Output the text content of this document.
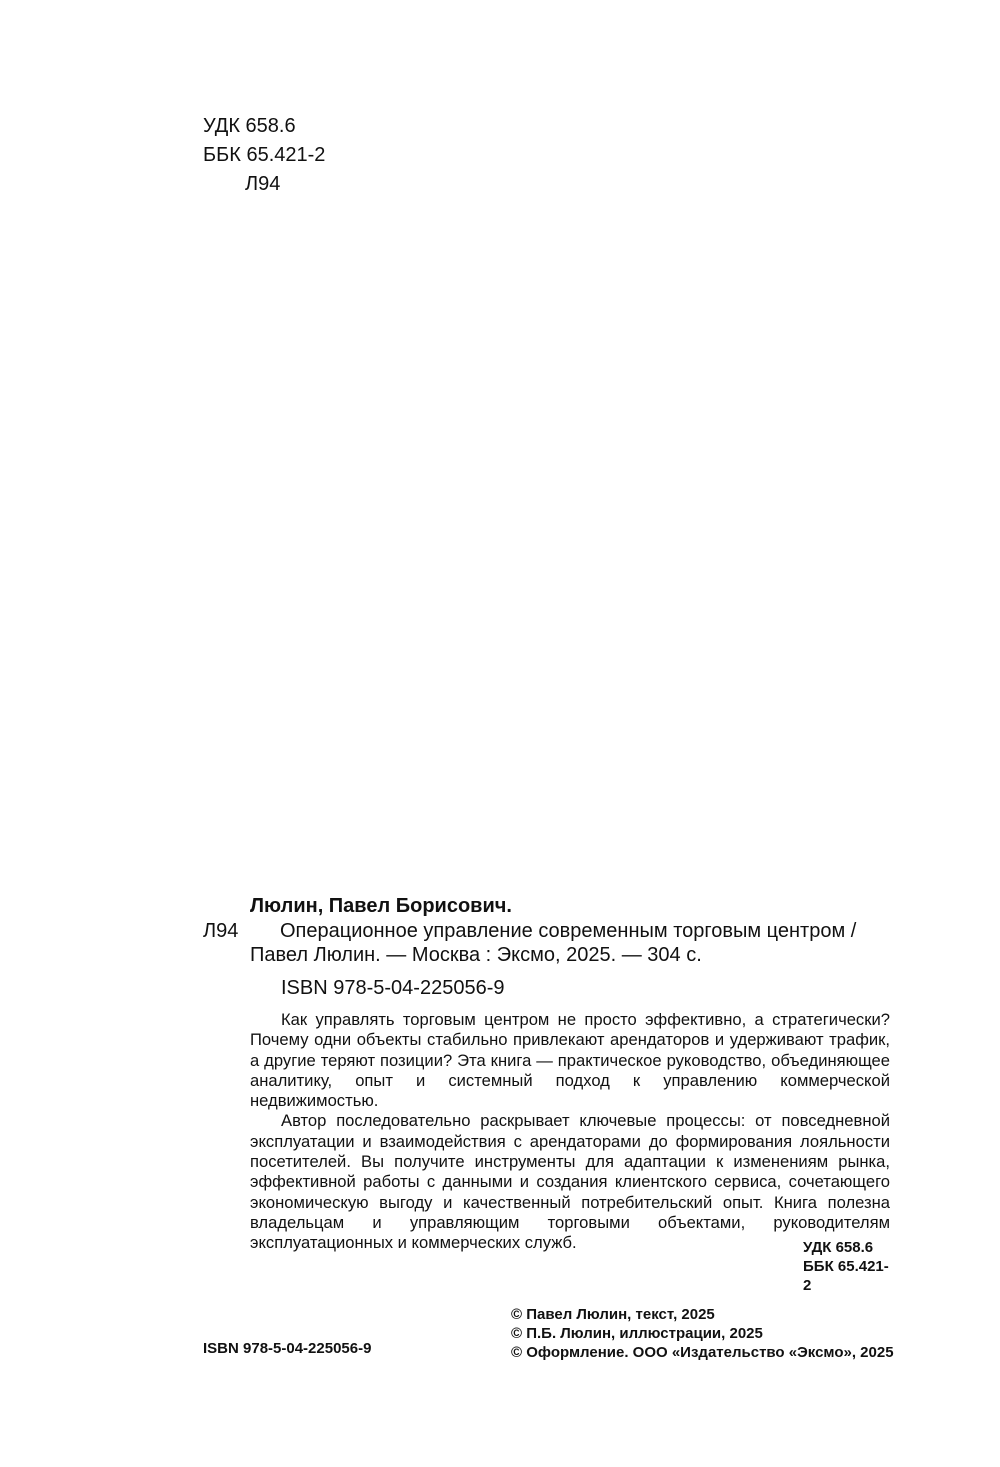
УДК 658.6
ББК 65.421-2
Л94
Люлин, Павел Борисович.
Л94 Операционное управление современным торговым центром /
Павел Люлин. — Москва : Эксмо, 2025. — 304 с.
ISBN 978-5-04-225056-9

Как управлять торговым центром не просто эффективно, а стратегически? Почему одни объекты стабильно привлекают арендаторов и удерживают трафик, а другие теряют позиции? Эта книга — практическое руководство, объединяющее аналитику, опыт и системный подход к управлению коммерческой недвижимостью.

Автор последовательно раскрывает ключевые процессы: от повседневной эксплуатации и взаимодействия с арендаторами до формирования лояльности посетителей. Вы получите инструменты для адаптации к изменениям рынка, эффективной работы с данными и создания клиентского сервиса, сочетающего экономическую выгоду и качественный потребительский опыт. Книга полезна владельцам и управляющим торговыми объектами, руководителям эксплуатационных и коммерческих служб.	УДК 658.6
ББК 65.421-2
© Павел Люлин, текст, 2025
© П.Б. Люлин, иллюстрации, 2025
© Оформление. ООО «Издательство «Эксмо», 2025
ISBN 978-5-04-225056-9
